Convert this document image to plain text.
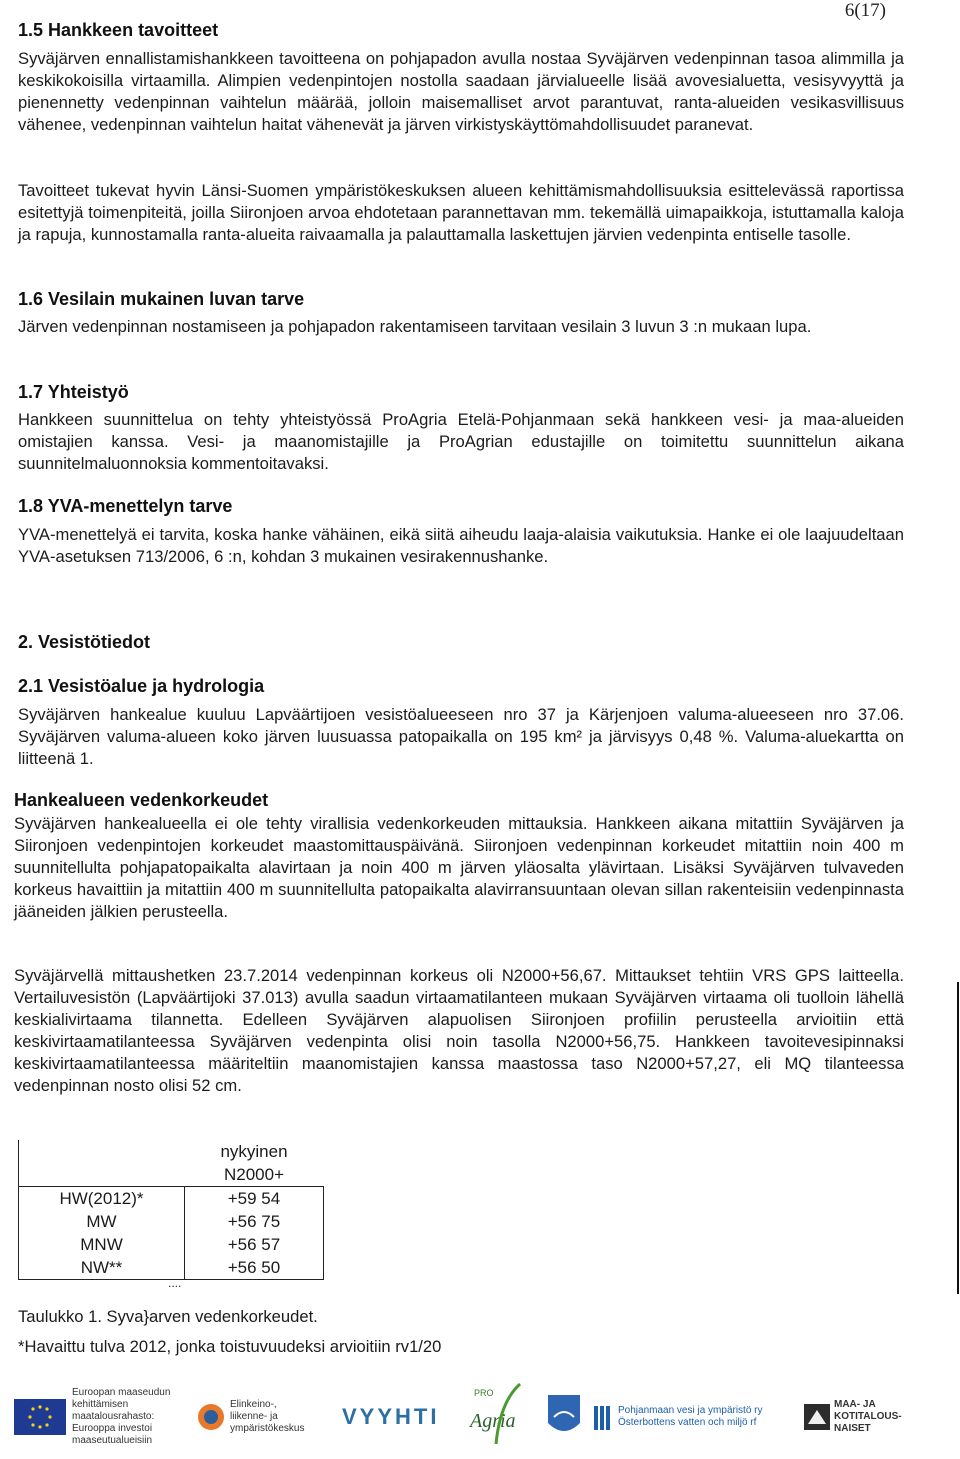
6(17)
1.5 Hankkeen tavoitteet
Syväjärven ennallistamishankkeen tavoitteena on pohjapadon avulla nostaa Syväjärven vedenpinnan tasoa alimmilla ja keskikokoisilla virtaamilla. Alimpien vedenpintojen nostolla saadaan järvialueelle lisää avovesialuetta, vesisyvyyttä ja pienennetty vedenpinnan vaihtelun määrää, jolloin maisemalliset arvot parantuvat, ranta-alueiden vesikasvillisuus vähenee, vedenpinnan vaihtelun haitat vähenevät ja järven virkistyskäyttömahdollisuudet paranevat.
Tavoitteet tukevat hyvin Länsi-Suomen ympäristökeskuksen alueen kehittämismahdollisuuksia esittelevässä raportissa esitettyjä toimenpiteitä, joilla Siironjoen arvoa ehdotetaan parannettavan mm. tekemällä uimapaikkoja, istuttamalla kaloja ja rapuja, kunnostamalla ranta-alueita raivaamalla ja palauttamalla laskettujen järvien vedenpinta entiselle tasolle.
1.6 Vesilain mukainen luvan tarve
Järven vedenpinnan nostamiseen ja pohjapadon rakentamiseen tarvitaan vesilain 3 luvun 3 :n mukaan lupa.
1.7 Yhteistyö
Hankkeen suunnittelua on tehty yhteistyössä ProAgria Etelä-Pohjanmaan sekä hankkeen vesi- ja maa-alueiden omistajien kanssa. Vesi- ja maanomistajille ja ProAgrian edustajille on toimitettu suunnittelun aikana suunnitelmaluonnoksia kommentoitavaksi.
1.8 YVA-menettelyn tarve
YVA-menettelyä ei tarvita, koska hanke vähäinen, eikä siitä aiheudu laaja-alaisia vaikutuksia. Hanke ei ole laajuudeltaan YVA-asetuksen 713/2006, 6 :n, kohdan 3 mukainen vesirakennushanke.
2. Vesistötiedot
2.1 Vesistöalue ja hydrologia
Syväjärven hankealue kuuluu Lapväärtijoen vesistöalueeseen nro 37 ja Kärjenjoen valuma-alueeseen nro 37.06. Syväjärven valuma-alueen koko järven luusuassa patopaikalla on 195 km² ja järvisyys 0,48 %. Valuma-aluekartta on liitteenä 1.
Hankealueen vedenkorkeudet
Syväjärven hankealueella ei ole tehty virallisia vedenkorkeuden mittauksia. Hankkeen aikana mitattiin Syväjärven ja Siironjoen vedenpintojen korkeudet maastomittauspäivänä. Siironjoen vedenpinnan korkeudet mitattiin noin 400 m suunnitellulta pohjapatopaikalta alavirtaan ja noin 400 m järven yläosalta ylävirtaan. Lisäksi Syväjärven tulvaveden korkeus havaittiin ja mitattiin 400 m suunnitellulta patopaikalta alavirransuuntaan olevan sillan rakenteisiin vedenpinnasta jääneiden jälkien perusteella.
Syväjärvellä mittaushetken 23.7.2014 vedenpinnan korkeus oli N2000+56,67. Mittaukset tehtiin VRS GPS laitteella. Vertailuvesistön (Lapväärtijoki 37.013) avulla saadun virtaamatilanteen mukaan Syväjärven virtaama oli tuolloin lähellä keskialivirtaama tilannetta. Edelleen Syväjärven alapuolisen Siironjoen profiilin perusteella arvioitiin että keskivirtaamatilanteessa Syväjärven vedenpinta olisi noin tasolla N2000+56,75. Hankkeen tavoitevesipinnaksi keskivirtaamatilanteessa määriteltiin maanomistajien kanssa maastossa taso N2000+57,27, eli MQ tilanteessa vedenpinnan nosto olisi 52 cm.
	nykyinen
	N2000+
HW(2012)*	+59 54
MW	+56 75
MNW	+56 57
NW**	+56 50
....
Taulukko 1. Syva}arven vedenkorkeudet.
*Havaittu tulva 2012, jonka toistuvuudeksi arvioitiin rv1/20
Euroopan maaseudun kehittämisen maatalousrahasto: Eurooppa investoi maaseutualueisiin
Elinkeino-, liikenne- ja ympäristökeskus	VYYHTI
PRO
Agria	Pohjanmaan vesi ja ympäristö ry Österbottens vatten och miljö rf
MAA- JA KOTITALOUS-NAISET
